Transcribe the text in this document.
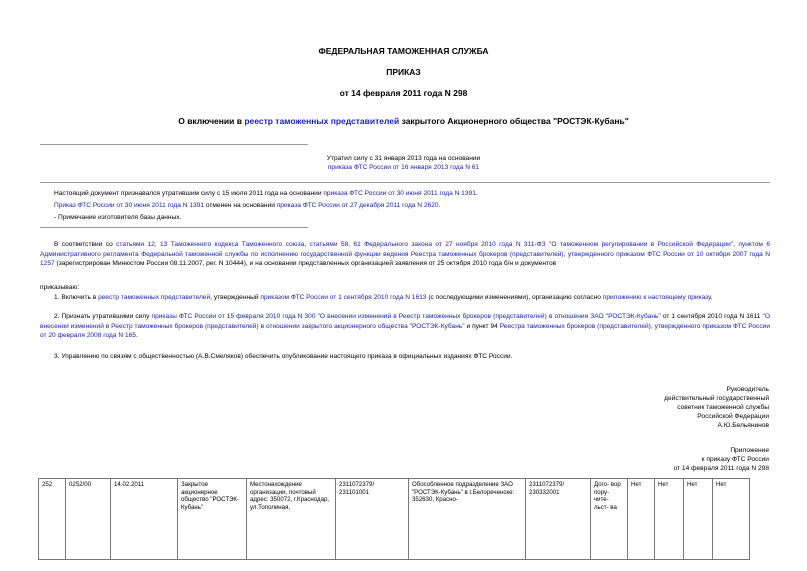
ФЕДЕРАЛЬНАЯ ТАМОЖЕННАЯ СЛУЖБА
ПРИКАЗ
от 14 февраля 2011 года N 298
О включении в реестр таможенных представителей закрытого Акционерного общества "РОСТЭК-Кубань"
Утратил силу с 31 января 2013 года на основании
приказа ФТС России от 16 января 2013 года N 61
Настоящий документ признавался утратившим силу с 15 июля 2011 года на основании приказа ФТС России от 30 июня 2011 года N 1391.
Приказ ФТС России от 30 июня 2011 года N 1391 отменен на основании приказа ФТС России от 27 декабря 2011 года N 2620.
- Примечание изготовителя базы данных.
В соответствии со статьями 12, 13 Таможенного кодекса Таможенного союза, статьями 58, 61 Федерального закона от 27 ноября 2010 года N 311-ФЗ "О таможенном регулировании в Российской Федерации", пунктом 6 Административного регламента Федеральной таможенной службы по исполнению государственной функции ведения Реестра таможенных брокеров (представителей), утвержденного приказом ФТС России от 10 октября 2007 года N 1257 (зарегистрирован Минюстом России 08.11.2007, рег. N 10444), и на основании представленных организацией заявления от 25 октября 2010 года б/н и документов
приказываю:
1. Включить в реестр таможенных представителей, утвержденный приказом ФТС России от 1 сентября 2010 года N 1613 (с последующими изменениями), организацию согласно приложению к настоящему приказу.
2. Признать утратившими силу приказы ФТС России от 15 февраля 2010 года N 300 "О внесении изменений в Реестр таможенных брокеров (представителей) в отношении ЗАО "РОСТЭК-Кубань" от 1 сентября 2010 года N 1611 "О внесении изменений в Реестр таможенных брокеров (представителей) в отношении закрытого акционерного общества "РОСТЭК-Кубань" и пункт 94 Реестра таможенных брокеров (представителей), утвержденного приказом ФТС России от 20 февраля 2008 года N 165.
3. Управлению по связям с общественностью (А.В.Смеляков) обеспечить опубликование настоящего приказа в официальных изданиях ФТС России.
Руководитель
действительный государственный
советник таможенной службы
Российской Федерации
А.Ю.Бельянинов
Приложение
к приказу ФТС России
от 14 февраля 2011 года N 298
252	0252/00	14.02.2011	Закрытое акционерное общество "РОСТЭК-Кубань"	Местонахождение организации, почтовый адрес: 350072, г.Краснодар, ул.Тополиная,	2311072379/ 231101001	Обособленное подразделение ЗАО "РОСТЭК-Кубань" в г.Белореченске: 352630, Красно-	2311072379/ 230332001	Дого- вор пору- чите- льст- ва	Нет	Нет	Нет	Нет
